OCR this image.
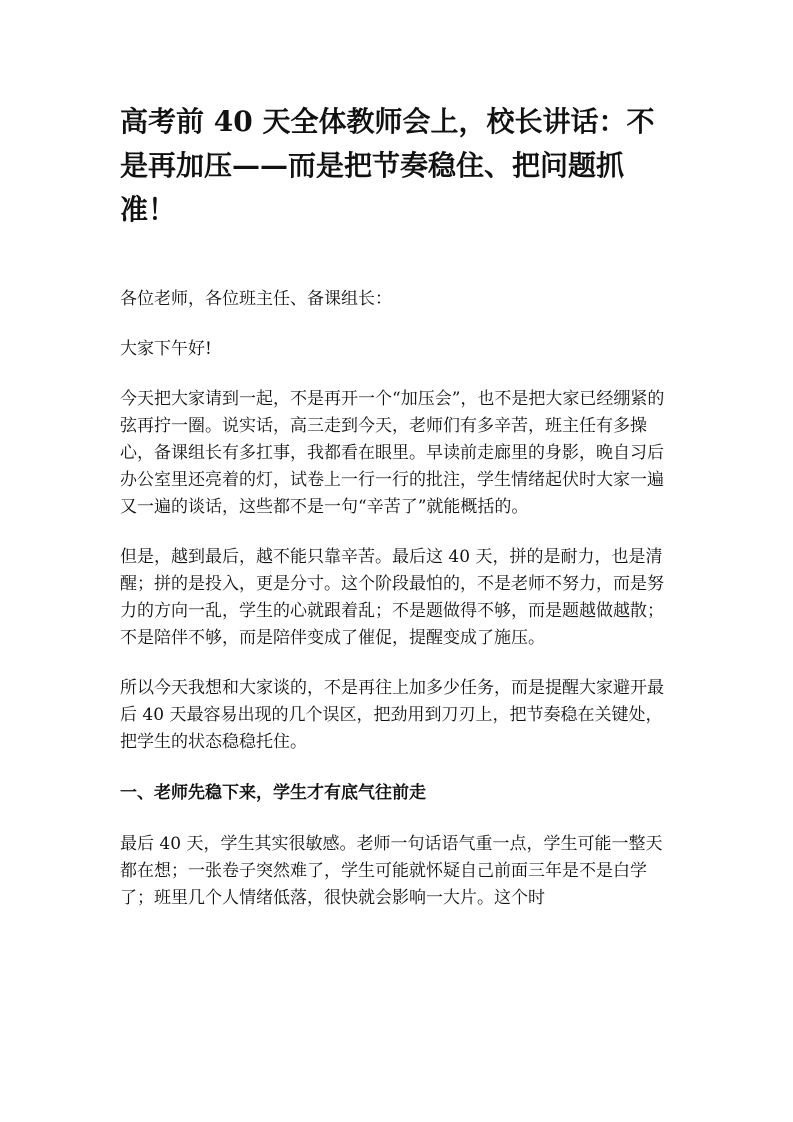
高考前 40 天全体教师会上，校长讲话：不是再加压——而是把节奏稳住、把问题抓准！

各位老师，各位班主任、备课组长：

大家下午好!

今天把大家请到一起，不是再开一个“加压会”，也不是把大家已经绷紧的弦再拧一圈。说实话，高三走到今天，老师们有多辛苦，班主任有多操心，备课组长有多扛事，我都看在眼里。早读前走廊里的身影，晚自习后办公室里还亮着的灯，试卷上一行一行的批注，学生情绪起伏时大家一遍又一遍的谈话，这些都不是一句“辛苦了”就能概括的。

但是，越到最后，越不能只靠辛苦。最后这 40 天，拼的是耐力，也是清醒；拼的是投入，更是分寸。这个阶段最怕的，不是老师不努力，而是努力的方向一乱，学生的心就跟着乱；不是题做得不够，而是题越做越散；不是陪伴不够，而是陪伴变成了催促，提醒变成了施压。

所以今天我想和大家谈的，不是再往上加多少任务，而是提醒大家避开最后 40 天最容易出现的几个误区，把劲用到刀刃上，把节奏稳在关键处，把学生的状态稳稳托住。

一、老师先稳下来，学生才有底气往前走

最后 40 天，学生其实很敏感。老师一句话语气重一点，学生可能一整天都在想；一张卷子突然难了，学生可能就怀疑自己前面三年是不是白学了；班里几个人情绪低落，很快就会影响一大片。这个时
